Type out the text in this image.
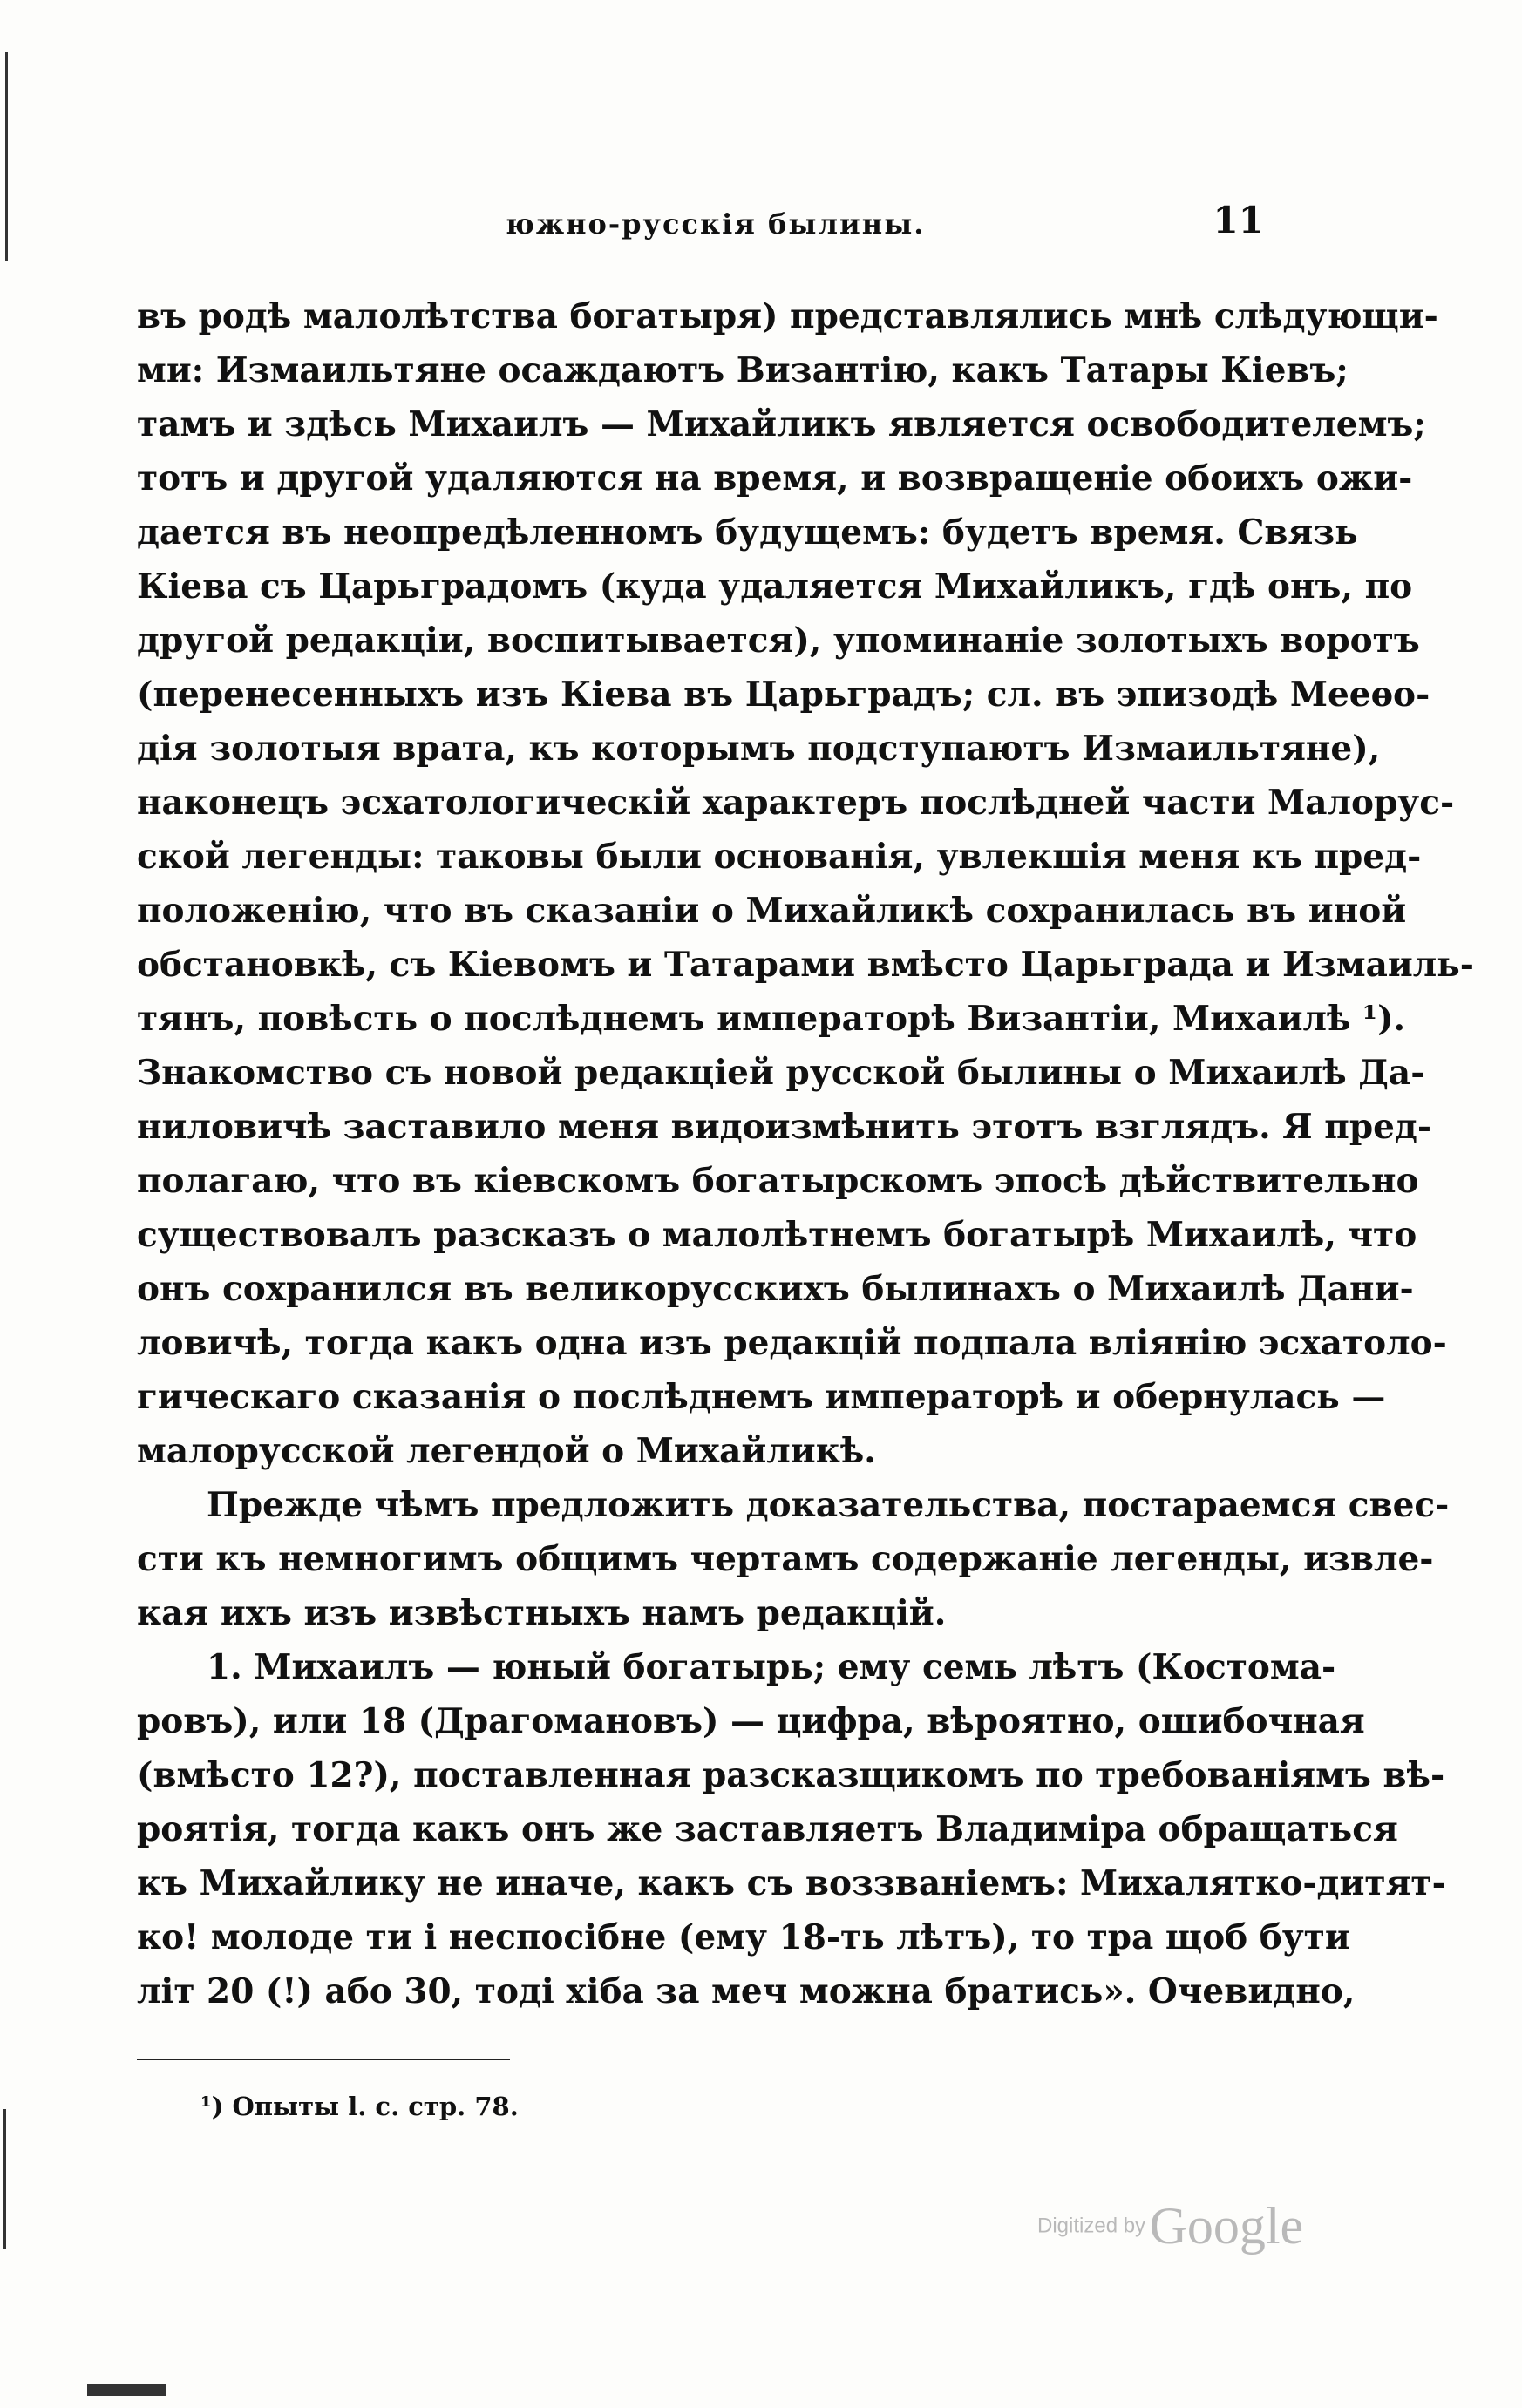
южно-русскія былины.	11
въ родѣ малолѣтства богатыря) представлялись мнѣ слѣдующи-
ми: Измаильтяне осаждаютъ Византію, какъ Татары Кіевъ;
тамъ и здѣсь Михаилъ — Михайликъ является освободителемъ;
тотъ и другой удаляются на время, и возвращеніе обоихъ ожи-
дается въ неопредѣленномъ будущемъ: будетъ время. Связь
Кіева съ Царьградомъ (куда удаляется Михайликъ, гдѣ онъ, по
другой редакціи, воспитывается), упоминаніе золотыхъ воротъ
(перенесенныхъ изъ Кіева въ Царьградъ; сл. въ эпизодѣ Мееѳо-
дія золотыя врата, къ которымъ подступаютъ Измаильтяне),
наконецъ эсхатологическій характеръ послѣдней части Малорус-
ской легенды: таковы были основанія, увлекшія меня къ пред-
положенію, что въ сказаніи о Михайликѣ сохранилась въ иной
обстановкѣ, съ Кіевомъ и Татарами вмѣсто Царьграда и Измаиль-
тянъ, повѣсть о послѣднемъ императорѣ Византіи, Михаилѣ ¹).
Знакомство съ новой редакціей русской былины о Михаилѣ Да-
ниловичѣ заставило меня видоизмѣнить этотъ взглядъ. Я пред-
полагаю, что въ кіевскомъ богатырскомъ эпосѣ дѣйствительно
существовалъ разсказъ о малолѣтнемъ богатырѣ Михаилѣ, что
онъ сохранился въ великорусскихъ былинахъ о Михаилѣ Дани-
ловичѣ, тогда какъ одна изъ редакцій подпала вліянію эсхатоло-
гическаго сказанія о послѣднемъ императорѣ и обернулась —
малорусской легендой о Михайликѣ.
Прежде чѣмъ предложить доказательства, постараемся свес-
сти къ немногимъ общимъ чертамъ содержаніе легенды, извле-
кая ихъ изъ извѣстныхъ намъ редакцій.
1. Михаилъ — юный богатырь; ему семь лѣтъ (Костома-
ровъ), или 18 (Драгомановъ) — цифра, вѣроятно, ошибочная
(вмѣсто 12?), поставленная разсказщикомъ по требованіямъ вѣ-
роятія, тогда какъ онъ же заставляетъ Владиміра обращаться
къ Михайлику не иначе, какъ съ воззваніемъ: Михалятко-дитят-
ко! молоде ти і неспосібне (ему 18-ть лѣтъ), то тра щоб бути
літ 20 (!) або 30, тоді хіба за меч можна братись». Очевидно,
¹) Опыты l. c. стр. 78.
Digitized by Google
